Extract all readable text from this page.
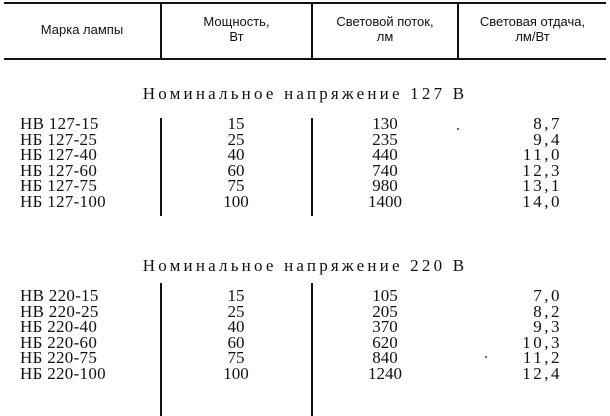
Марка лампы
Мощность,
Вт
Световой поток,
лм
Световая отдача,
лм/Вт
Номинальное напряжение 127 В
НВ 127-15
НБ 127-25
НБ 127-40
НБ 127-60
НБ 127-75
НБ 127-100
15
25
40
60
75
100
130
235
440
740
980
1400
8,7
9,4
11,0
12,3
13,1
14,0
Номинальное напряжение 220 В
НВ 220-15
НВ 220-25
НБ 220-40
НБ 220-60
НБ 220-75
НБ 220-100
15
25
40
60
75
100
105
205
370
620
840
1240
7,0
8,2
9,3
10,3
11,2
12,4
